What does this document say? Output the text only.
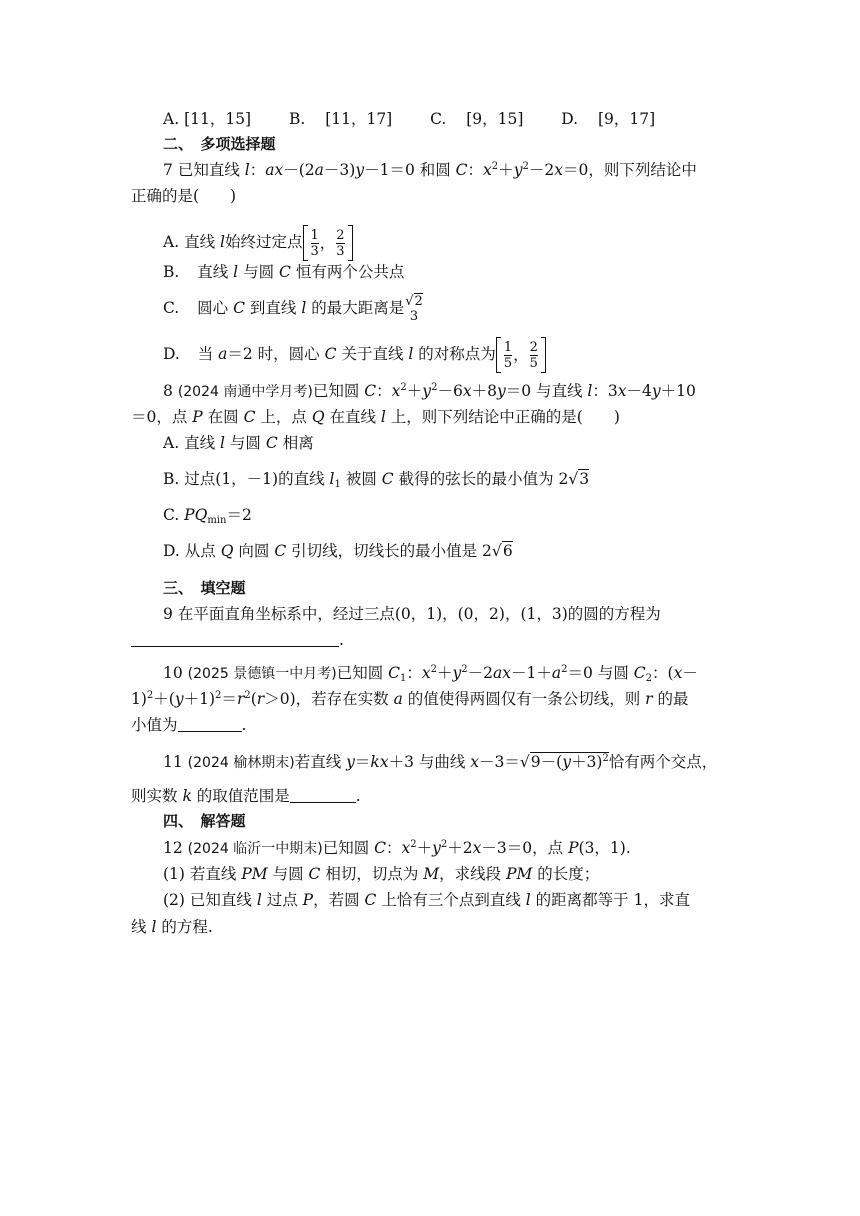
A. [11，15] B. [11，17] C. [9，15] D. [9，17]
二、　多项选择题
7 已知直线 l：ax－(2a－3)y－1＝0 和圆 C：$x^2+y^2-2x=0$，则下列结论中
正确的是(　　)
A. 直线 l始终过定点 $\frac{1}{3}$ ， $\frac{2}{3}$
B. 直线 l 与圆 C 恒有两个公共点
C. 圆心 C 到直线 l 的最大距离是 √2
3
D. 当 a＝2 时，圆心 C 关于直线 l 的对称点为 $\frac{1}{5}$ ， $\frac{2}{5}$
8 (2024 南通中学月考)已知圆 C：$x^2+y^2-6x+8y=0$ 与直线 l：3x－4y＋10
＝0，点 P 在圆 C 上，点 Q 在直线 l 上，则下列结论中正确的是(　　)
A. 直线 l 与圆 C 相离
B. 过点(1，－1)的直线 $l_1$ 被圆 C 截得的弦长的最小值为 2√3
C. $PQ_{min}=2$
D. 从点 Q 向圆 C 引切线，切线长的最小值是 2√6
三、　填空题
9 在平面直角坐标系中，经过三点(0，1)，(0，2)，(1，3)的圆的方程为
.
10 (2025 景德镇一中月考)已知圆 $C_1$：$x^2+y^2-2ax-1+a^2=0$ 与圆 $C_2$：(x－
$1)^2+(y+1)^2=r^2(r>0)$，若存在实数 a 的值使得两圆仅有一条公切线，则 r 的最
小值为	.
11 (2024 榆林期末)若直线 y＝kx＋3 与曲线 $x-3=√9-(y+3)^2$恰有两个交点，
则实数 k 的取值范围是	.
四、　解答题
12 (2024 临沂一中期末)已知圆 C：$x^2+y^2+2x-3=0$，点 P(3，1).
(1) 若直线 PM 与圆 C 相切，切点为 M，求线段 PM 的长度；
(2) 已知直线 l 过点 P，若圆 C 上恰有三个点到直线 l 的距离都等于 1，求直
线 l 的方程.
